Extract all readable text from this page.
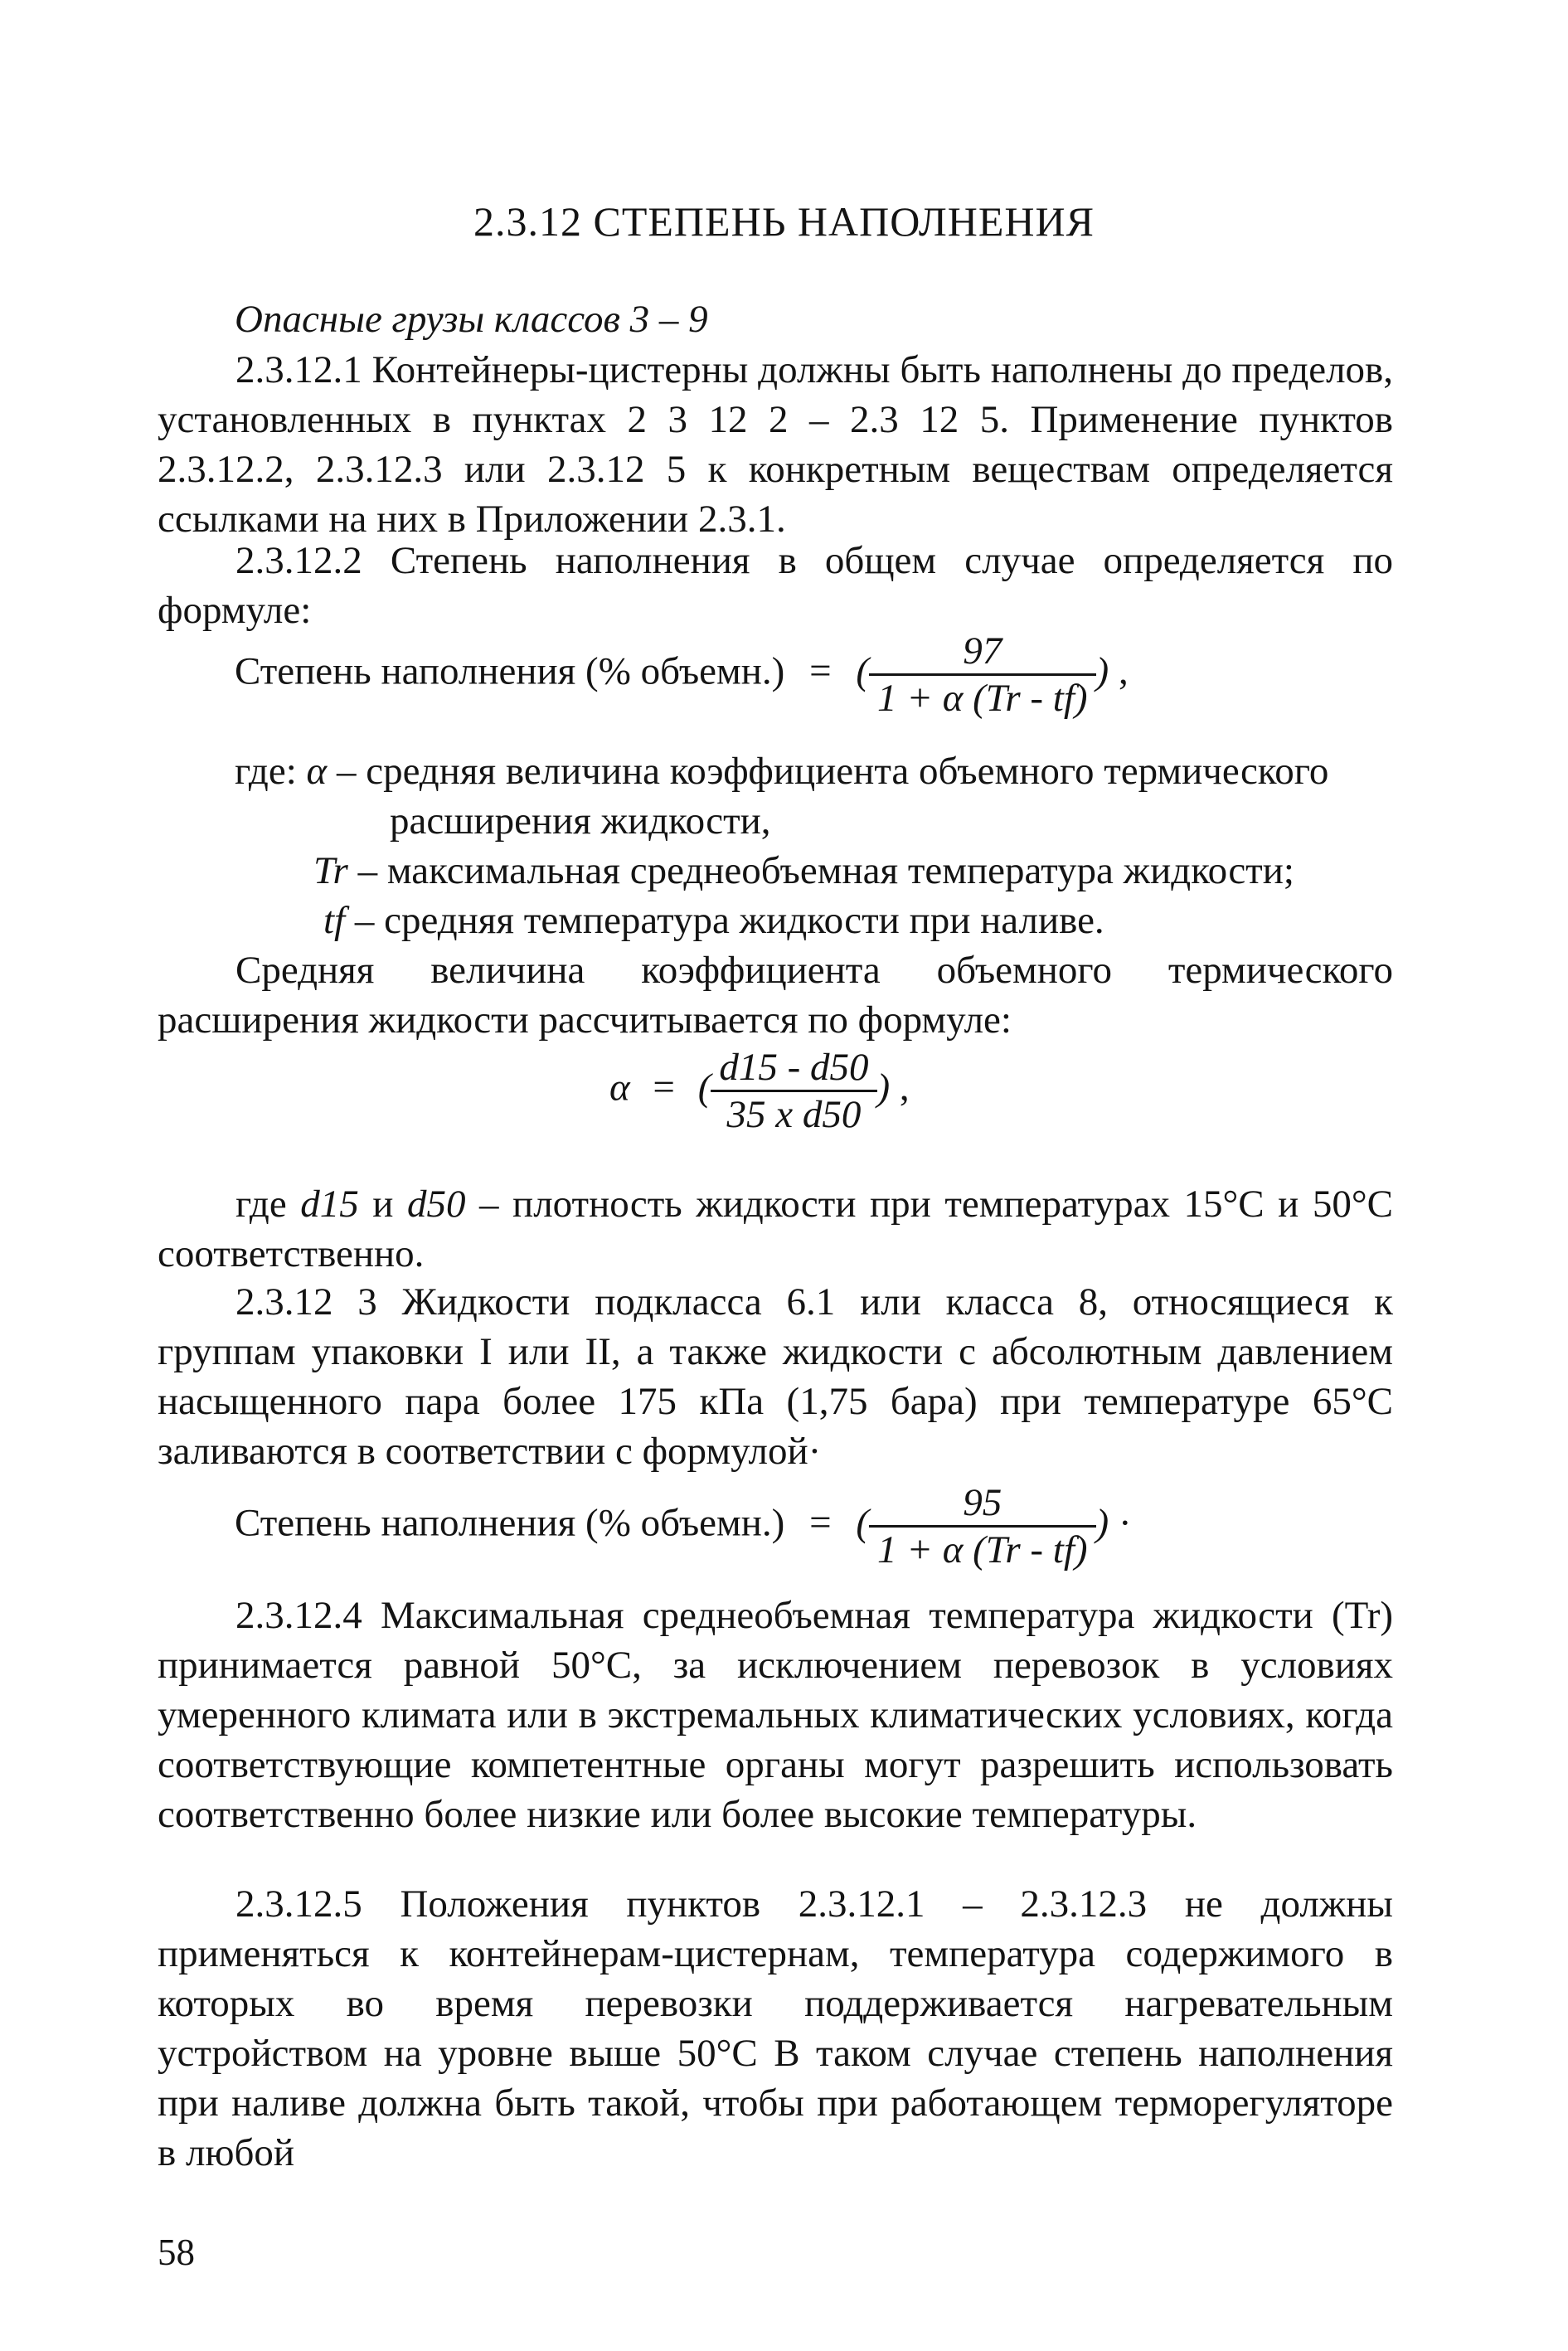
2.3.12 СТЕПЕНЬ НАПОЛНЕНИЯ
Опасные грузы классов 3 – 9

2.3.12.1 Контейнеры-цистерны должны быть наполнены до пределов, установленных в пунктах 2 3 12 2 – 2.3 12 5. Применение пунктов 2.3.12.2, 2.3.12.3 или 2.3.12 5 к конкретным веществам определяется ссылками на них в Приложении 2.3.1.

2.3.12.2 Степень наполнения в общем случае определяется по формуле:

Степень наполнения (% объемн.) = ( $\frac{97}{1 + \alpha (Tr - tf)}$ ) ,
где: α – средняя величина коэффициента объемного термического
расширения жидкости,
Tr – максимальная среднеобъемная температура жидкости;
tf – средняя температура жидкости при наливе.

Средняя величина коэффициента объемного термического расширения жидкости рассчитывается по формуле:

α = ( $\frac{d15 - d50}{\text{35 x d50}}$ ) ,

где d15 и d50 – плотность жидкости при температурах 15°C и 50°C соответственно.

2.3.12 3 Жидкости подкласса 6.1 или класса 8, относящиеся к группам упаковки I или II, а также жидкости с абсолютным давлением насыщенного пара более 175 кПа (1,75 бара) при температуре 65°C заливаются в соответствии с формулой·

Степень наполнения (% объемн.) = ( $\frac{95}{1 + \alpha (Tr - tf)}$ ) ·

2.3.12.4 Максимальная среднеобъемная температура жидкости (Tr) принимается равной 50°C, за исключением перевозок в условиях умеренного климата или в экстремальных климатических условиях, когда соответствующие компетентные органы могут разрешить использовать соответственно более низкие или более высокие температуры.

2.3.12.5 Положения пунктов 2.3.12.1 – 2.3.12.3 не должны применяться к контейнерам-цистернам, температура содержимого в которых во время перевозки поддерживается нагревательным устройством на уровне выше 50°C В таком случае степень наполнения при наливе должна быть такой, чтобы при работающем терморегуляторе в любой

58
